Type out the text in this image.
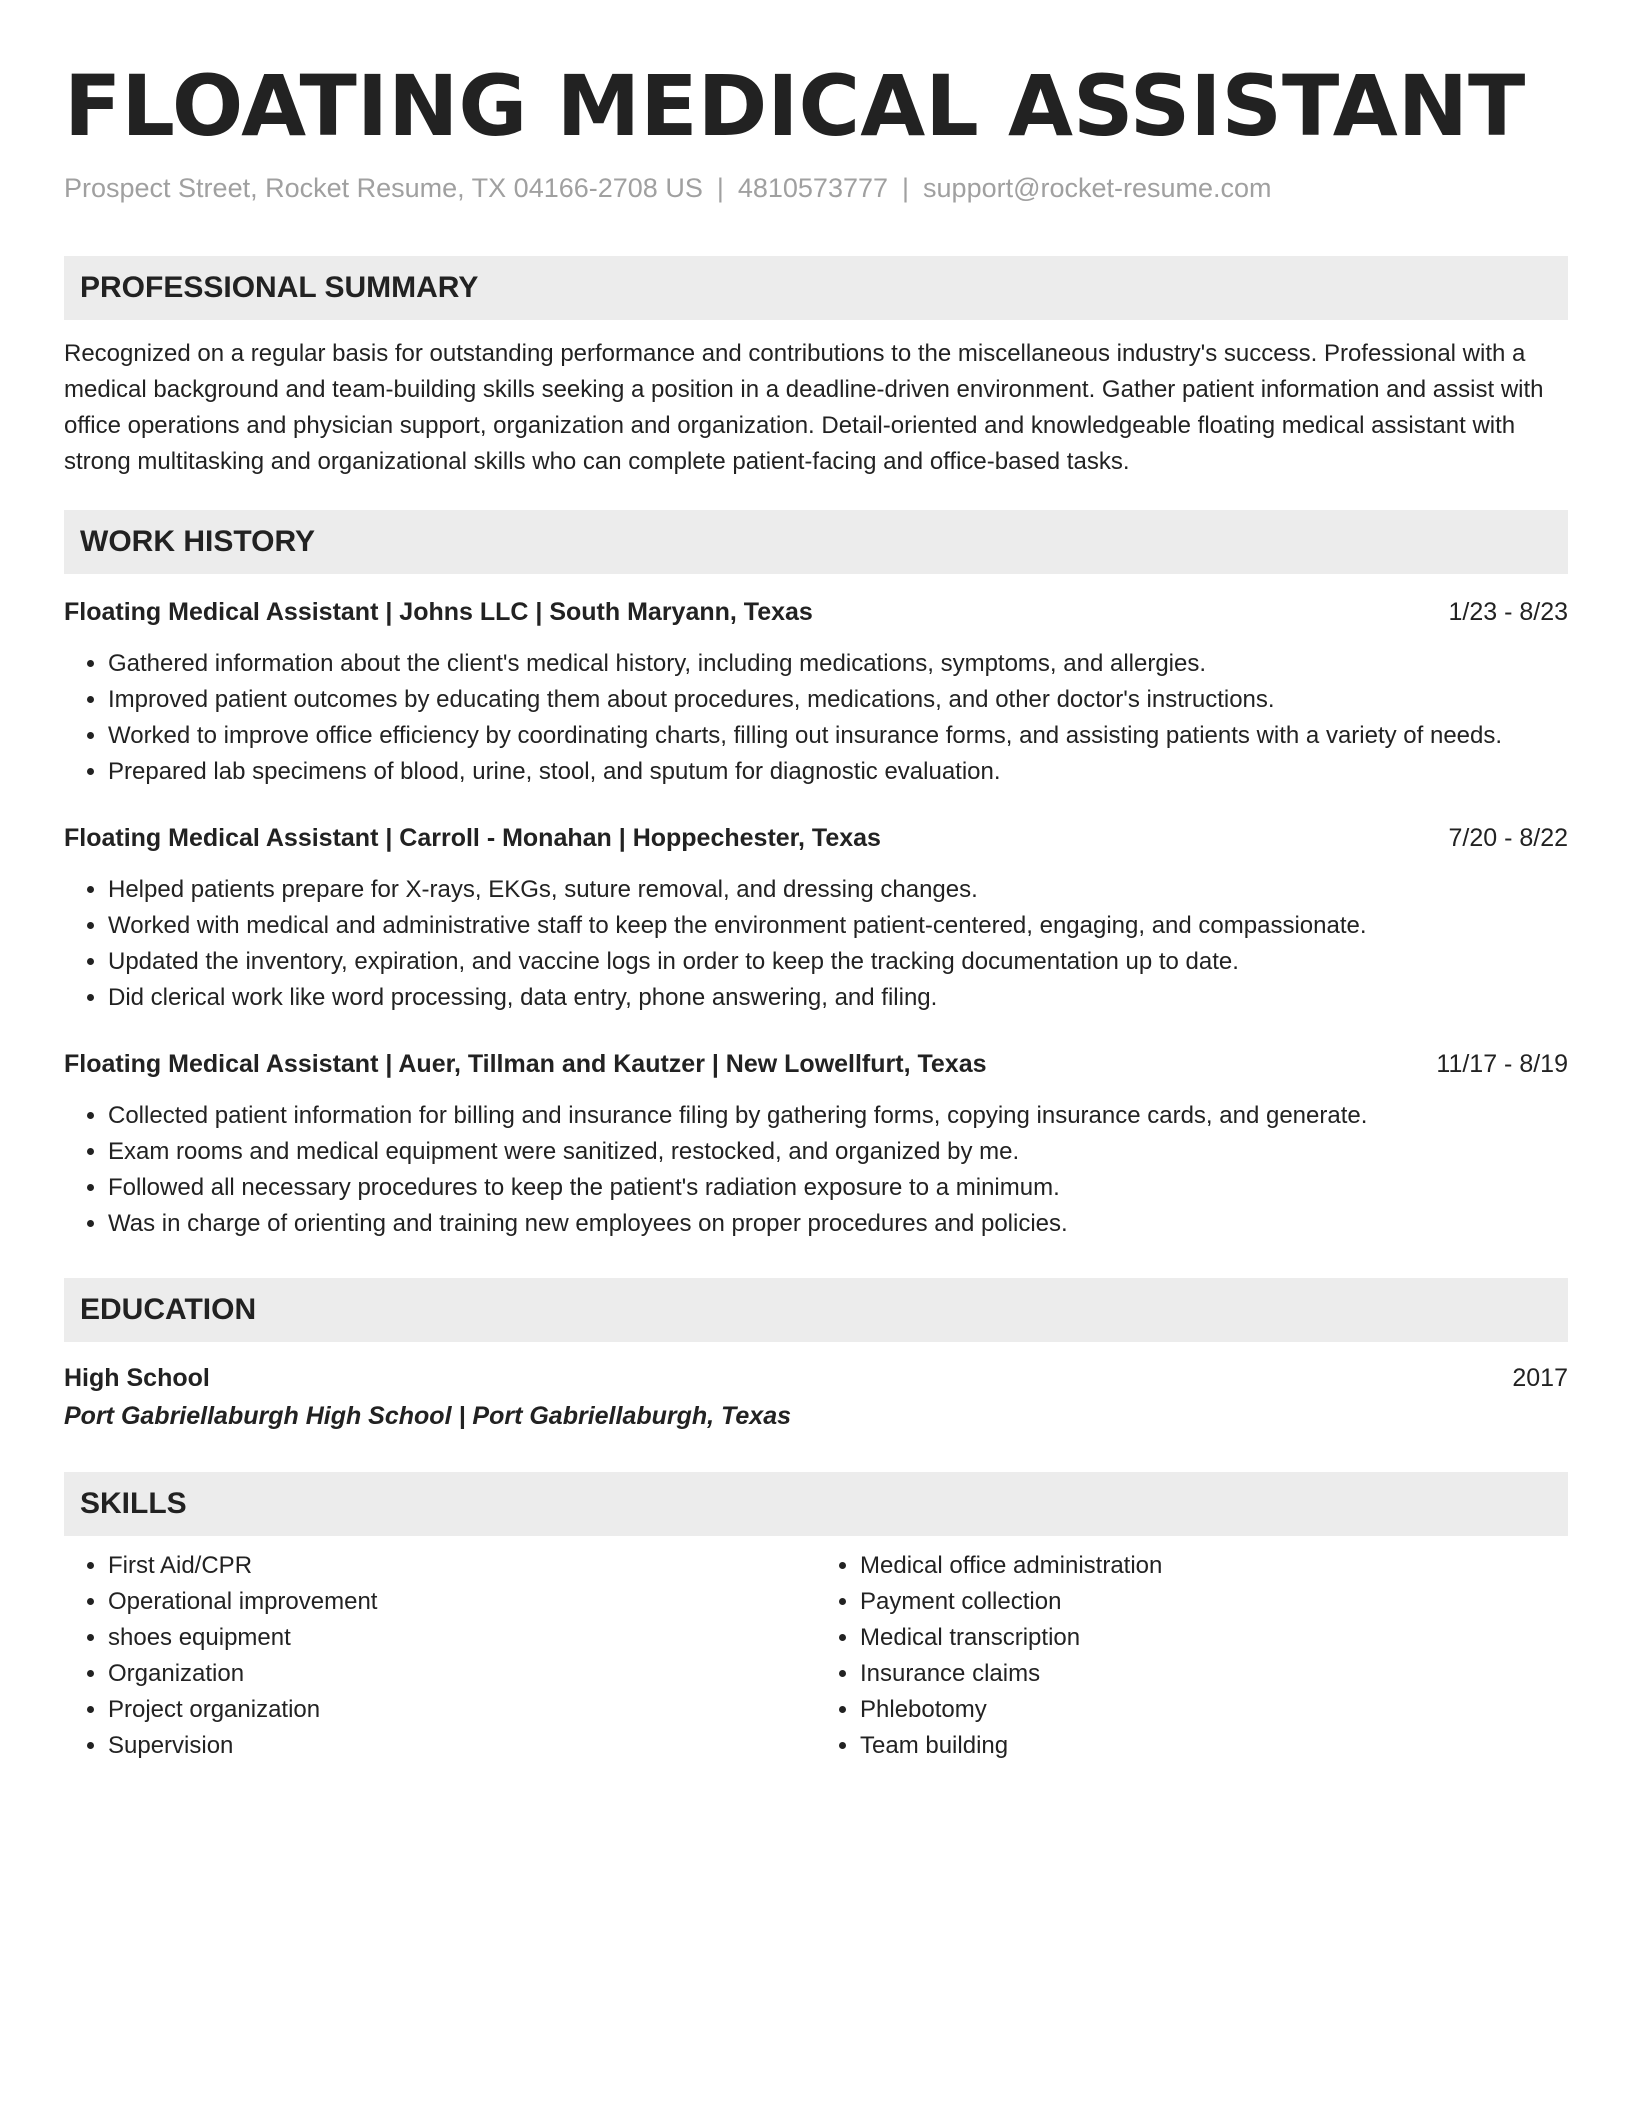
FLOATING MEDICAL ASSISTANT
Prospect Street, Rocket Resume, TX 04166-2708 US | 4810573777 | support@rocket-resume.com
PROFESSIONAL SUMMARY
Recognized on a regular basis for outstanding performance and contributions to the miscellaneous industry's success. Professional with a medical background and team-building skills seeking a position in a deadline-driven environment. Gather patient information and assist with office operations and physician support, organization and organization. Detail-oriented and knowledgeable floating medical assistant with strong multitasking and organizational skills who can complete patient-facing and office-based tasks.
WORK HISTORY
Floating Medical Assistant | Johns LLC | South Maryann, Texas	1/23 - 8/23
• Gathered information about the client's medical history, including medications, symptoms, and allergies.
• Improved patient outcomes by educating them about procedures, medications, and other doctor's instructions.
• Worked to improve office efficiency by coordinating charts, filling out insurance forms, and assisting patients with a variety of needs.
• Prepared lab specimens of blood, urine, stool, and sputum for diagnostic evaluation.
Floating Medical Assistant | Carroll - Monahan | Hoppechester, Texas	7/20 - 8/22
• Helped patients prepare for X-rays, EKGs, suture removal, and dressing changes.
• Worked with medical and administrative staff to keep the environment patient-centered, engaging, and compassionate.
• Updated the inventory, expiration, and vaccine logs in order to keep the tracking documentation up to date.
• Did clerical work like word processing, data entry, phone answering, and filing.
Floating Medical Assistant | Auer, Tillman and Kautzer | New Lowellfurt, Texas	11/17 - 8/19
• Collected patient information for billing and insurance filing by gathering forms, copying insurance cards, and generate.
• Exam rooms and medical equipment were sanitized, restocked, and organized by me.
• Followed all necessary procedures to keep the patient's radiation exposure to a minimum.
• Was in charge of orienting and training new employees on proper procedures and policies.
EDUCATION
High School	2017
Port Gabriellaburgh High School | Port Gabriellaburgh, Texas
SKILLS
• First Aid/CPR
• Operational improvement
• shoes equipment
• Organization
• Project organization
• Supervision
• Medical office administration
• Payment collection
• Medical transcription
• Insurance claims
• Phlebotomy
• Team building
